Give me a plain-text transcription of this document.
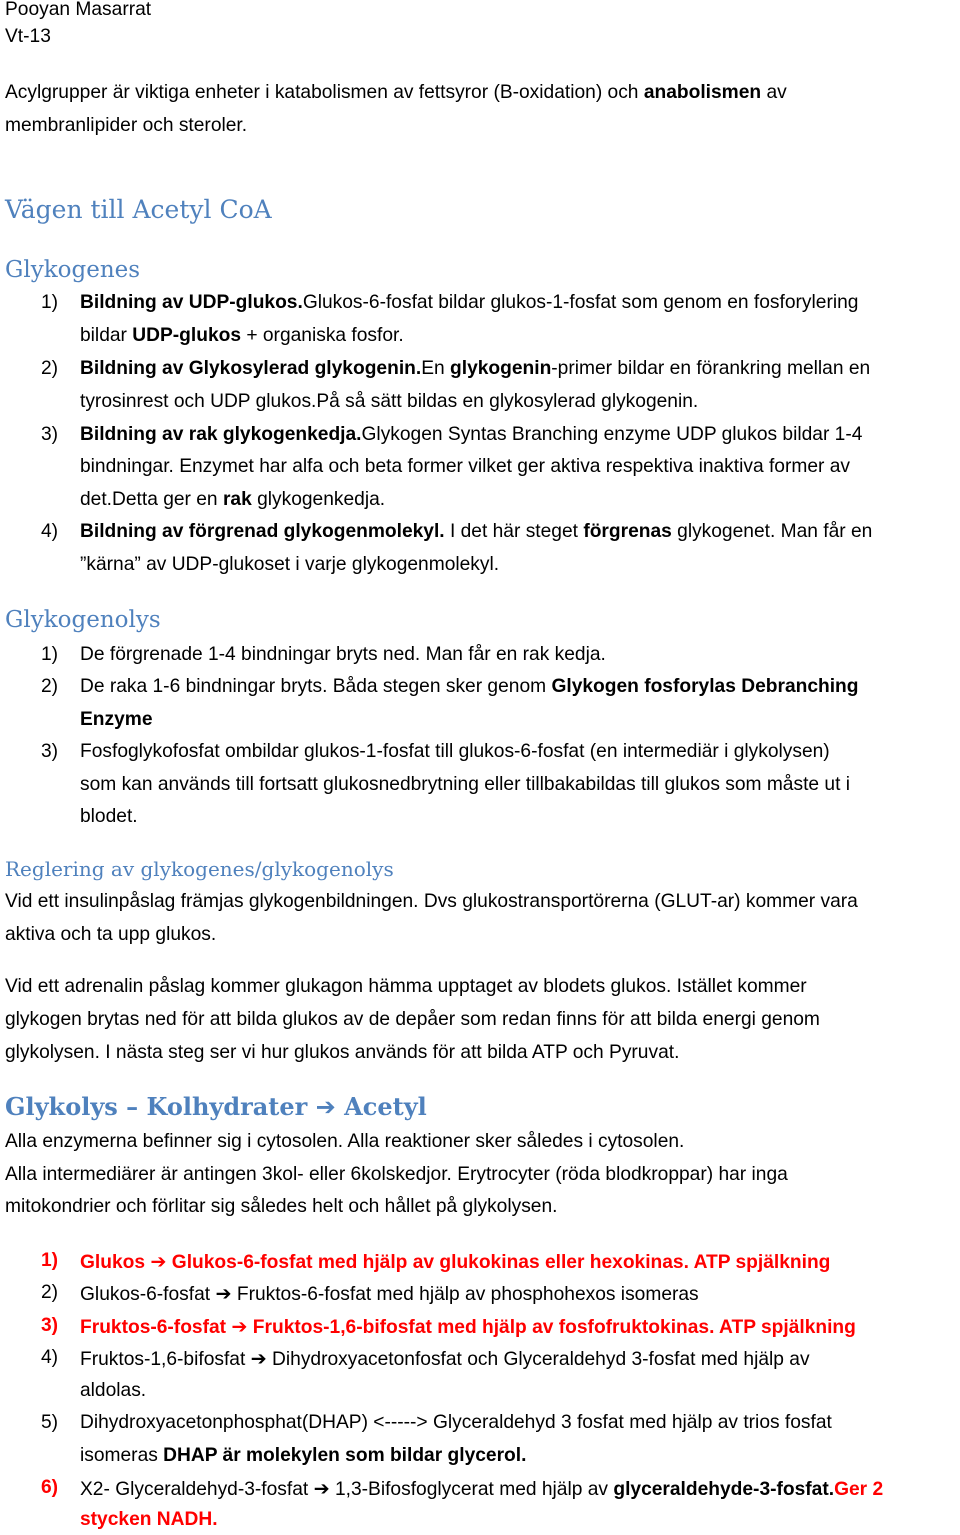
Pooyan Masarrat
Vt-13
Acylgrupper är viktiga enheter i katabolismen av fettsyror (B-oxidation) och anabolismen av
membranlipider och steroler.
Vägen till Acetyl CoA
Glykogenes
1) Bildning av UDP-glukos.Glukos-6-fosfat bildar glukos-1-fosfat som genom en fosforylering
bildar UDP-glukos + organiska fosfor.
2) Bildning av Glykosylerad glykogenin.En glykogenin-primer bildar en förankring mellan en
tyrosinrest och UDP glukos.På så sätt bildas en glykosylerad glykogenin.
3) Bildning av rak glykogenkedja.Glykogen Syntas Branching enzyme UDP glukos bildar 1-4
bindningar. Enzymet har alfa och beta former vilket ger aktiva respektiva inaktiva former av
det.Detta ger en rak glykogenkedja.
4) Bildning av förgrenad glykogenmolekyl. I det här steget förgrenas glykogenet. Man får en
”kärna” av UDP-glukoset i varje glykogenmolekyl.
Glykogenolys
1) De förgrenade 1-4 bindningar bryts ned. Man får en rak kedja.
2) De raka 1-6 bindningar bryts. Båda stegen sker genom Glykogen fosforylas Debranching
Enzyme
3) Fosfoglykofosfat ombildar glukos-1-fosfat till glukos-6-fosfat (en intermediär i glykolysen)
som kan används till fortsatt glukosnedbrytning eller tillbakabildas till glukos som måste ut i
blodet.
Reglering av glykogenes/glykogenolys
Vid ett insulinpåslag främjas glykogenbildningen. Dvs glukostransportörerna (GLUT-ar) kommer vara
aktiva och ta upp glukos.
Vid ett adrenalin påslag kommer glukagon hämma upptaget av blodets glukos. Istället kommer
glykogen brytas ned för att bilda glukos av de depåer som redan finns för att bilda energi genom
glykolysen. I nästa steg ser vi hur glukos används för att bilda ATP och Pyruvat.
Glykolys – Kolhydrater ➔ Acetyl
Alla enzymerna befinner sig i cytosolen. Alla reaktioner sker således i cytosolen.
Alla intermediärer är antingen 3kol- eller 6kolskedjor. Erytrocyter (röda blodkroppar) har inga
mitokondrier och förlitar sig således helt och hållet på glykolysen.
1) Glukos ➔ Glukos-6-fosfat med hjälp av glukokinas eller hexokinas. ATP spjälkning
2) Glukos-6-fosfat ➔ Fruktos-6-fosfat med hjälp av phosphohexos isomeras
3) Fruktos-6-fosfat ➔ Fruktos-1,6-bifosfat med hjälp av fosfofruktokinas. ATP spjälkning
4) Fruktos-1,6-bifosfat ➔ Dihydroxyacetonfosfat och Glyceraldehyd 3-fosfat med hjälp av
aldolas.
5) Dihydroxyacetonphosphat(DHAP) <-----> Glyceraldehyd 3 fosfat med hjälp av trios fosfat
isomeras DHAP är molekylen som bildar glycerol.
6) X2- Glyceraldehyd-3-fosfat ➔ 1,3-Bifosfoglycerat med hjälp av glyceraldehyde-3-fosfat.Ger 2
stycken NADH.
